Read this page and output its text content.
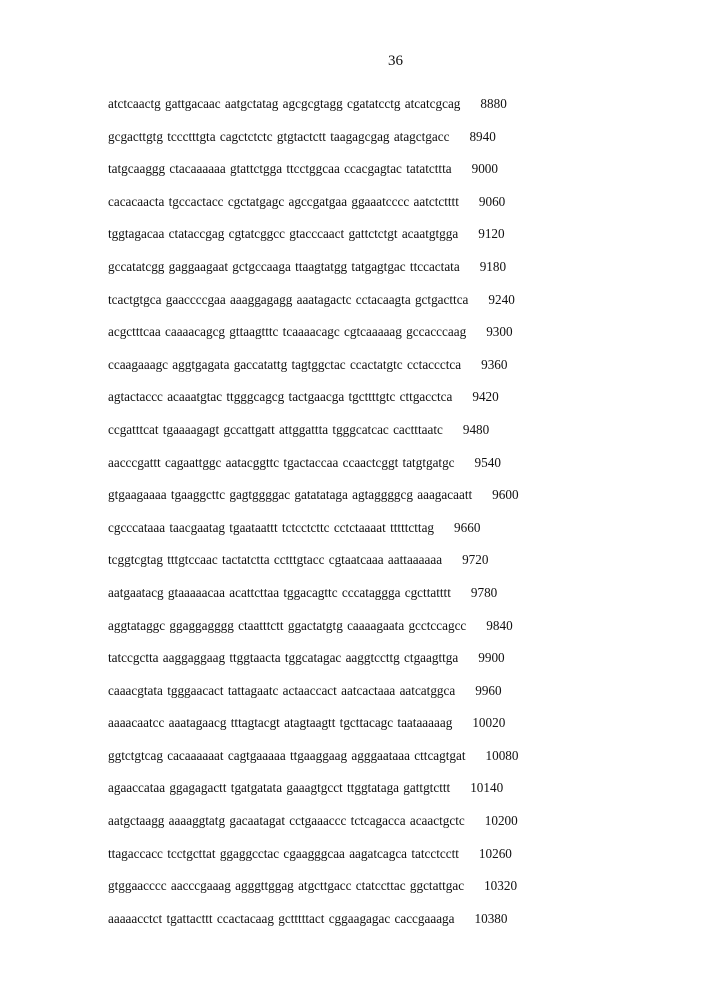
36
atctcaactg gattgacaac aatgctatag agcgcgtagg cgatatcctg atcatcgcag 8880
gcgacttgtg tccctttgta cagctctctc gtgtactctt taagagcgag atagctgacc 8940
tatgcaaggg ctacaaaaaa gtattctgga ttcctggcaa ccacgagtac tatatcttta 9000
cacacaacta tgccactacc cgctatgagc agccgatgaa ggaaatcccc aatctctttt 9060
tggtagacaa ctataccgag cgtatcggcc gtacccaact gattctctgt acaatgtgga 9120
gccatatcgg gaggaagaat gctgccaaga ttaagtatgg tatgagtgac ttccactata 9180
tcactgtgca gaaccccgaa aaaggagagg aaatagactc cctacaagta gctgacttca 9240
acgctttcaa caaaacagcg gttaagtttc tcaaaacagc cgtcaaaaag gccacccaag 9300
ccaagaaagc aggtgagata gaccatattg tagtggctac ccactatgtc cctaccctca 9360
agtactaccc acaaatgtac ttgggcagcg tactgaacga tgcttttgtc cttgacctca 9420
ccgatttcat tgaaaagagt gccattgatt attggattta tgggcatcac cactttaatc 9480
aacccgattt cagaattggc aatacggttc tgactaccaa ccaactcggt tatgtgatgc 9540
gtgaagaaaa tgaaggcttc gagtggggac gatatataga agtaggggcg aaagacaatt 9600
cgcccataaa taacgaatag tgaataattt tctcctcttc cctctaaaat tttttcttag 9660
tcggtcgtag tttgtccaac tactatctta cctttgtacc cgtaatcaaa aattaaaaaa 9720
aatgaatacg gtaaaaacaa acattcttaa tggacagttc cccataggga cgcttatttt 9780
aggtataggc ggaggagggg ctaatttctt ggactatgtg caaaagaata gcctccagcc 9840
tatccgctta aaggaggaag ttggtaacta tggcatagac aaggtccttg ctgaagttga 9900
caaacgtata tgggaacact tattagaatc actaaccact aatcactaaa aatcatggca 9960
aaaacaatcc aaatagaacg tttagtacgt atagtaagtt tgcttacagc taataaaaag 10020
ggtctgtcag cacaaaaaat cagtgaaaaa ttgaaggaag agggaataaa cttcagtgat 10080
agaaccataa ggagagactt tgatgatata gaaagtgcct ttggtataga gattgtcttt 10140
aatgctaagg aaaaggtatg gacaatagat cctgaaaccc tctcagacca acaactgctc 10200
ttagaccacc tcctgcttat ggaggcctac cgaagggcaa aagatcagca tatcctcctt 10260
gtggaacccc aacccgaaag agggttggag atgcttgacc ctatccttac ggctattgac 10320
aaaaacctct tgattacttt ccactacaag gctttttact cggaagagac caccgaaaga 10380
